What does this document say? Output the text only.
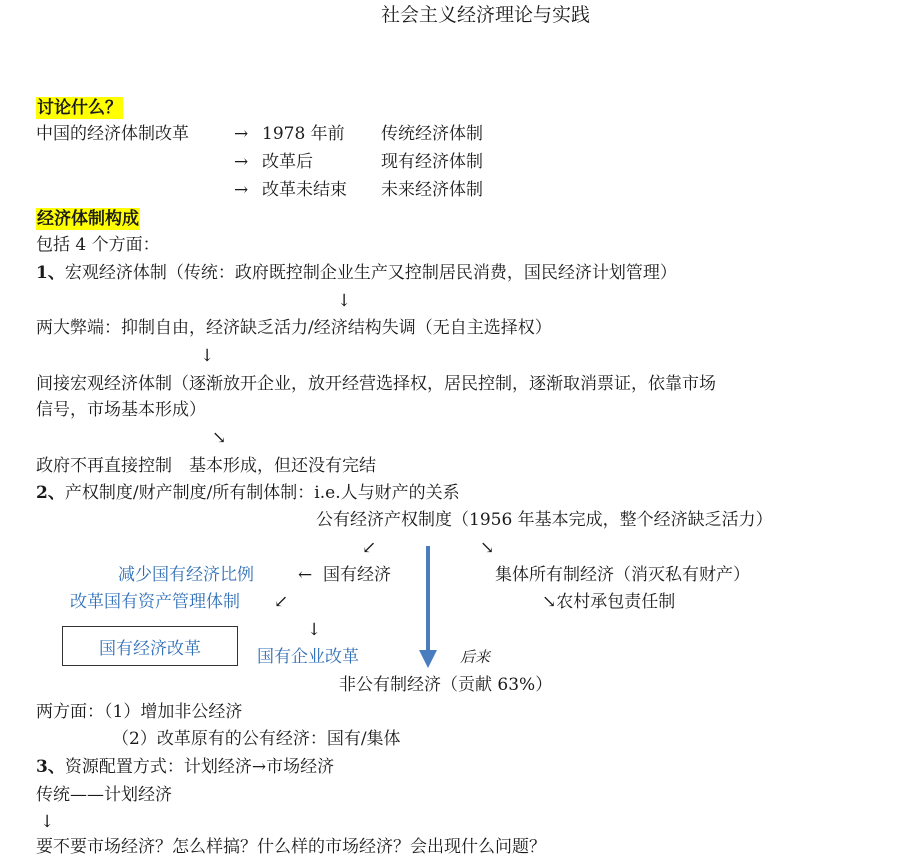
社会主义经济理论与实践
讨论什么？
中国的经济体制改革	→ 1978 年前 传统经济体制
→ 改革后	现有经济体制
→ 改革未结束 未来经济体制
经济体制构成
包括 4 个方面：
1、宏观经济体制（传统：政府既控制企业生产又控制居民消费，国民经济计划管理）
↓
两大弊端：抑制自由，经济缺乏活力/经济结构失调（无自主选择权）
↓
间接宏观经济体制（逐渐放开企业，放开经营选择权，居民控制，逐渐取消票证，依靠市场
信号，市场基本形成）
↘
政府不再直接控制　基本形成，但还没有完结
2、产权制度/财产制度/所有制体制：i.e.人与财产的关系
公有经济产权制度（1956 年基本完成，整个经济缺乏活力）
↙	↘
减少国有经济比例	← 国有经济	集体所有制经济（消灭私有财产）
改革国有资产管理体制 ↙	↘农村承包责任制
↓
国有经济改革	国有企业改革	后来
非公有制经济（贡献 63%）
两方面：（1）增加非公经济
（2）改革原有的公有经济：国有/集体
3、资源配置方式：计划经济→市场经济
传统——计划经济
↓
要不要市场经济？怎么样搞？什么样的市场经济？会出现什么问题？
